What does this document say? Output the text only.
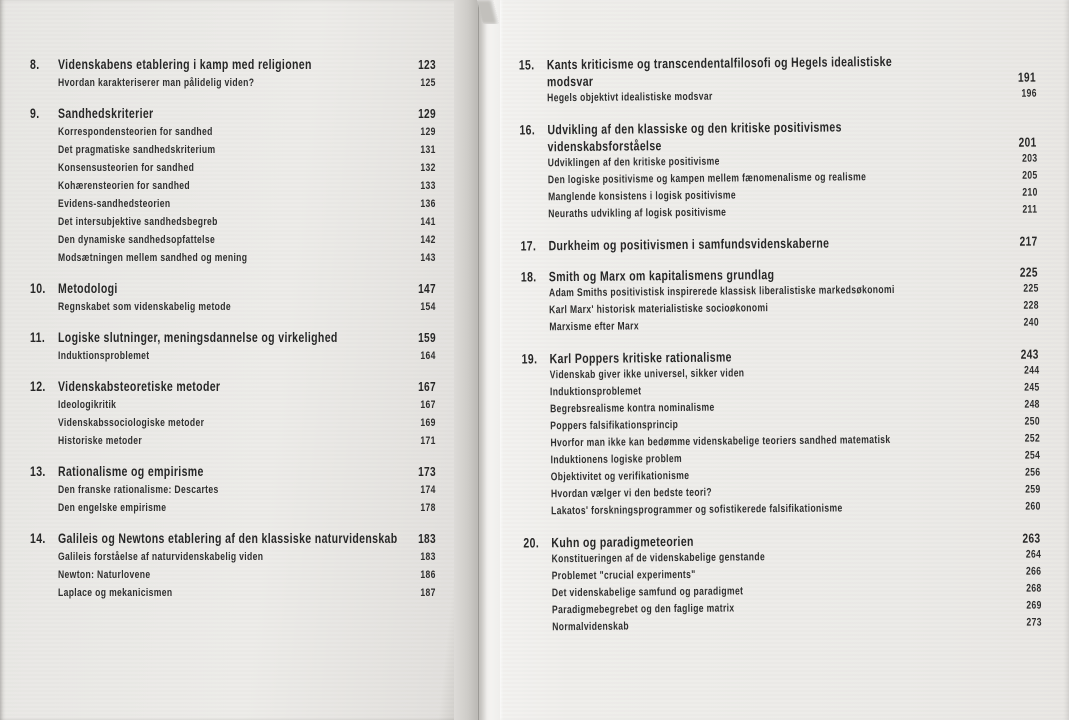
8.	Videnskabens etablering i kamp med religionen	123
Hvordan karakteriserer man pålidelig viden?	125
9.	Sandhedskriterier	129
Korrespondensteorien for sandhed	129
Det pragmatiske sandhedskriterium	131
Konsensusteorien for sandhed	132
Kohærensteorien for sandhed	133
Evidens-sandhedsteorien	136
Det intersubjektive sandhedsbegreb	141
Den dynamiske sandhedsopfattelse	142
Modsætningen mellem sandhed og mening	143
10. Metodologi	147
Regnskabet som videnskabelig metode	154
11. Logiske slutninger, meningsdannelse og virkelighed	159
Induktionsproblemet	164
12. Videnskabsteoretiske metoder	167
Ideologikritik	167
Videnskabssociologiske metoder	169
Historiske metoder	171
13. Rationalisme og empirisme	173
Den franske rationalisme: Descartes	174
Den engelske empirisme	178
14. Galileis og Newtons etablering af den klassiske naturvidenskab	183
Galileis forståelse af naturvidenskabelig viden	183
Newton: Naturlovene	186
Laplace og mekanicismen	187
15. Kants kriticisme og transcendentalfilosofi og Hegels idealistiske
modsvar	191
Hegels objektivt idealistiske modsvar	196
16. Udvikling af den klassiske og den kritiske positivismes
videnskabsforståelse	201
Udviklingen af den kritiske positivisme	203
Den logiske positivisme og kampen mellem fænomenalisme og realisme	205
Manglende konsistens i logisk positivisme	210
Neuraths udvikling af logisk positivisme	211
17. Durkheim og positivismen i samfundsvidenskaberne	217
18. Smith og Marx om kapitalismens grundlag	225
Adam Smiths positivistisk inspirerede klassisk liberalistiske markedsøkonomi	225
Karl Marx' historisk materialistiske socioøkonomi	228
Marxisme efter Marx	240
19. Karl Poppers kritiske rationalisme	243
Videnskab giver ikke universel, sikker viden	244
Induktionsproblemet	245
Begrebsrealisme kontra nominalisme	248
Poppers falsifikationsprincip	250
Hvorfor man ikke kan bedømme videnskabelige teoriers sandhed matematisk	252
Induktionens logiske problem	254
Objektivitet og verifikationisme	256
Hvordan vælger vi den bedste teori?	259
Lakatos' forskningsprogrammer og sofistikerede falsifikationisme	260
20. Kuhn og paradigmeteorien	263
Konstitueringen af de videnskabelige genstande	264
Problemet "crucial experiments"	266
Det videnskabelige samfund og paradigmet	268
Paradigmebegrebet og den faglige matrix	269
Normalvidenskab	273
